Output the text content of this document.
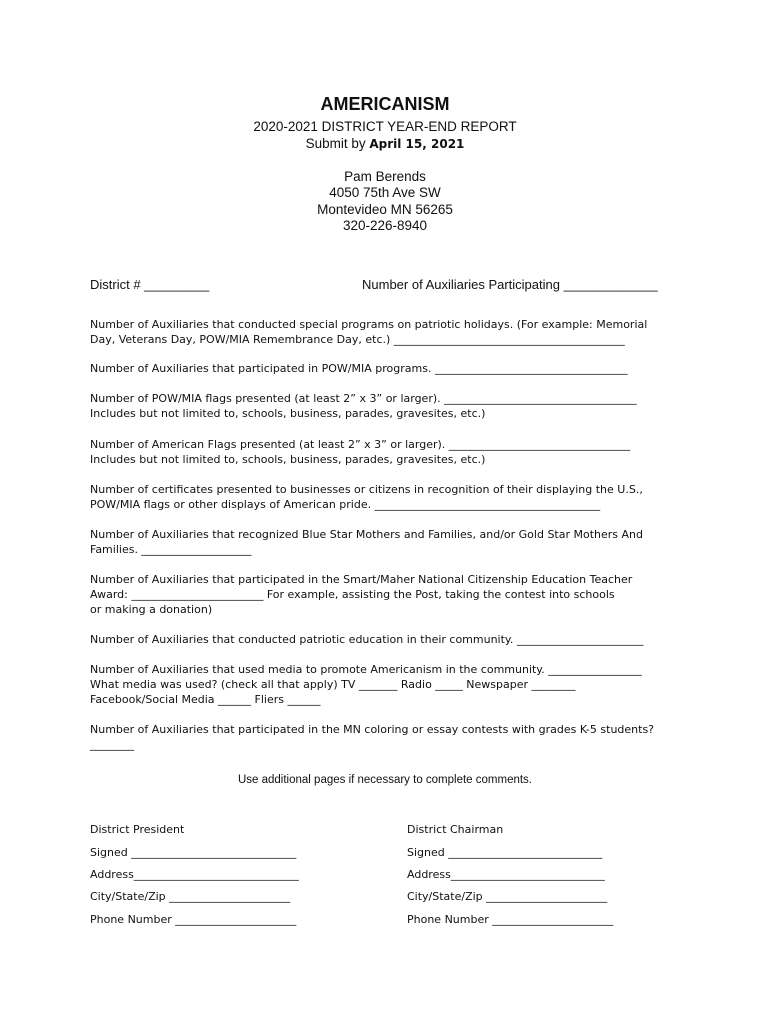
AMERICANISM
2020-2021 DISTRICT YEAR-END REPORT
Submit by April 15, 2021
Pam Berends
4050 75th Ave SW
Montevideo MN 56265
320-226-8940
District # _________	Number of Auxiliaries Participating _____________
Number of Auxiliaries that conducted special programs on patriotic holidays. (For example: Memorial
Day, Veterans Day, POW/MIA Remembrance Day, etc.) __________________________________________
Number of Auxiliaries that participated in POW/MIA programs. ___________________________________
Number of POW/MIA flags presented (at least 2” x 3” or larger). ___________________________________
Includes but not limited to, schools, business, parades, gravesites, etc.)
Number of American Flags presented (at least 2” x 3” or larger). _________________________________
Includes but not limited to, schools, business, parades, gravesites, etc.)
Number of certificates presented to businesses or citizens in recognition of their displaying the U.S.,
POW/MIA flags or other displays of American pride. _________________________________________
Number of Auxiliaries that recognized Blue Star Mothers and Families, and/or Gold Star Mothers And
Families. ____________________
Number of Auxiliaries that participated in the Smart/Maher National Citizenship Education Teacher
Award: ________________________ For example, assisting the Post, taking the contest into schools
or making a donation)
Number of Auxiliaries that conducted patriotic education in their community. _______________________
Number of Auxiliaries that used media to promote Americanism in the community. _________________
What media was used? (check all that apply) TV _______ Radio _____ Newspaper ________
Facebook/Social Media ______ Fliers ______
Number of Auxiliaries that participated in the MN coloring or essay contests with grades K-5 students?
________
Use additional pages if necessary to complete comments.
District President
Signed ______________________________
Address______________________________
City/State/Zip ______________________
Phone Number ______________________
District Chairman
Signed ____________________________
Address____________________________
City/State/Zip ______________________
Phone Number ______________________
